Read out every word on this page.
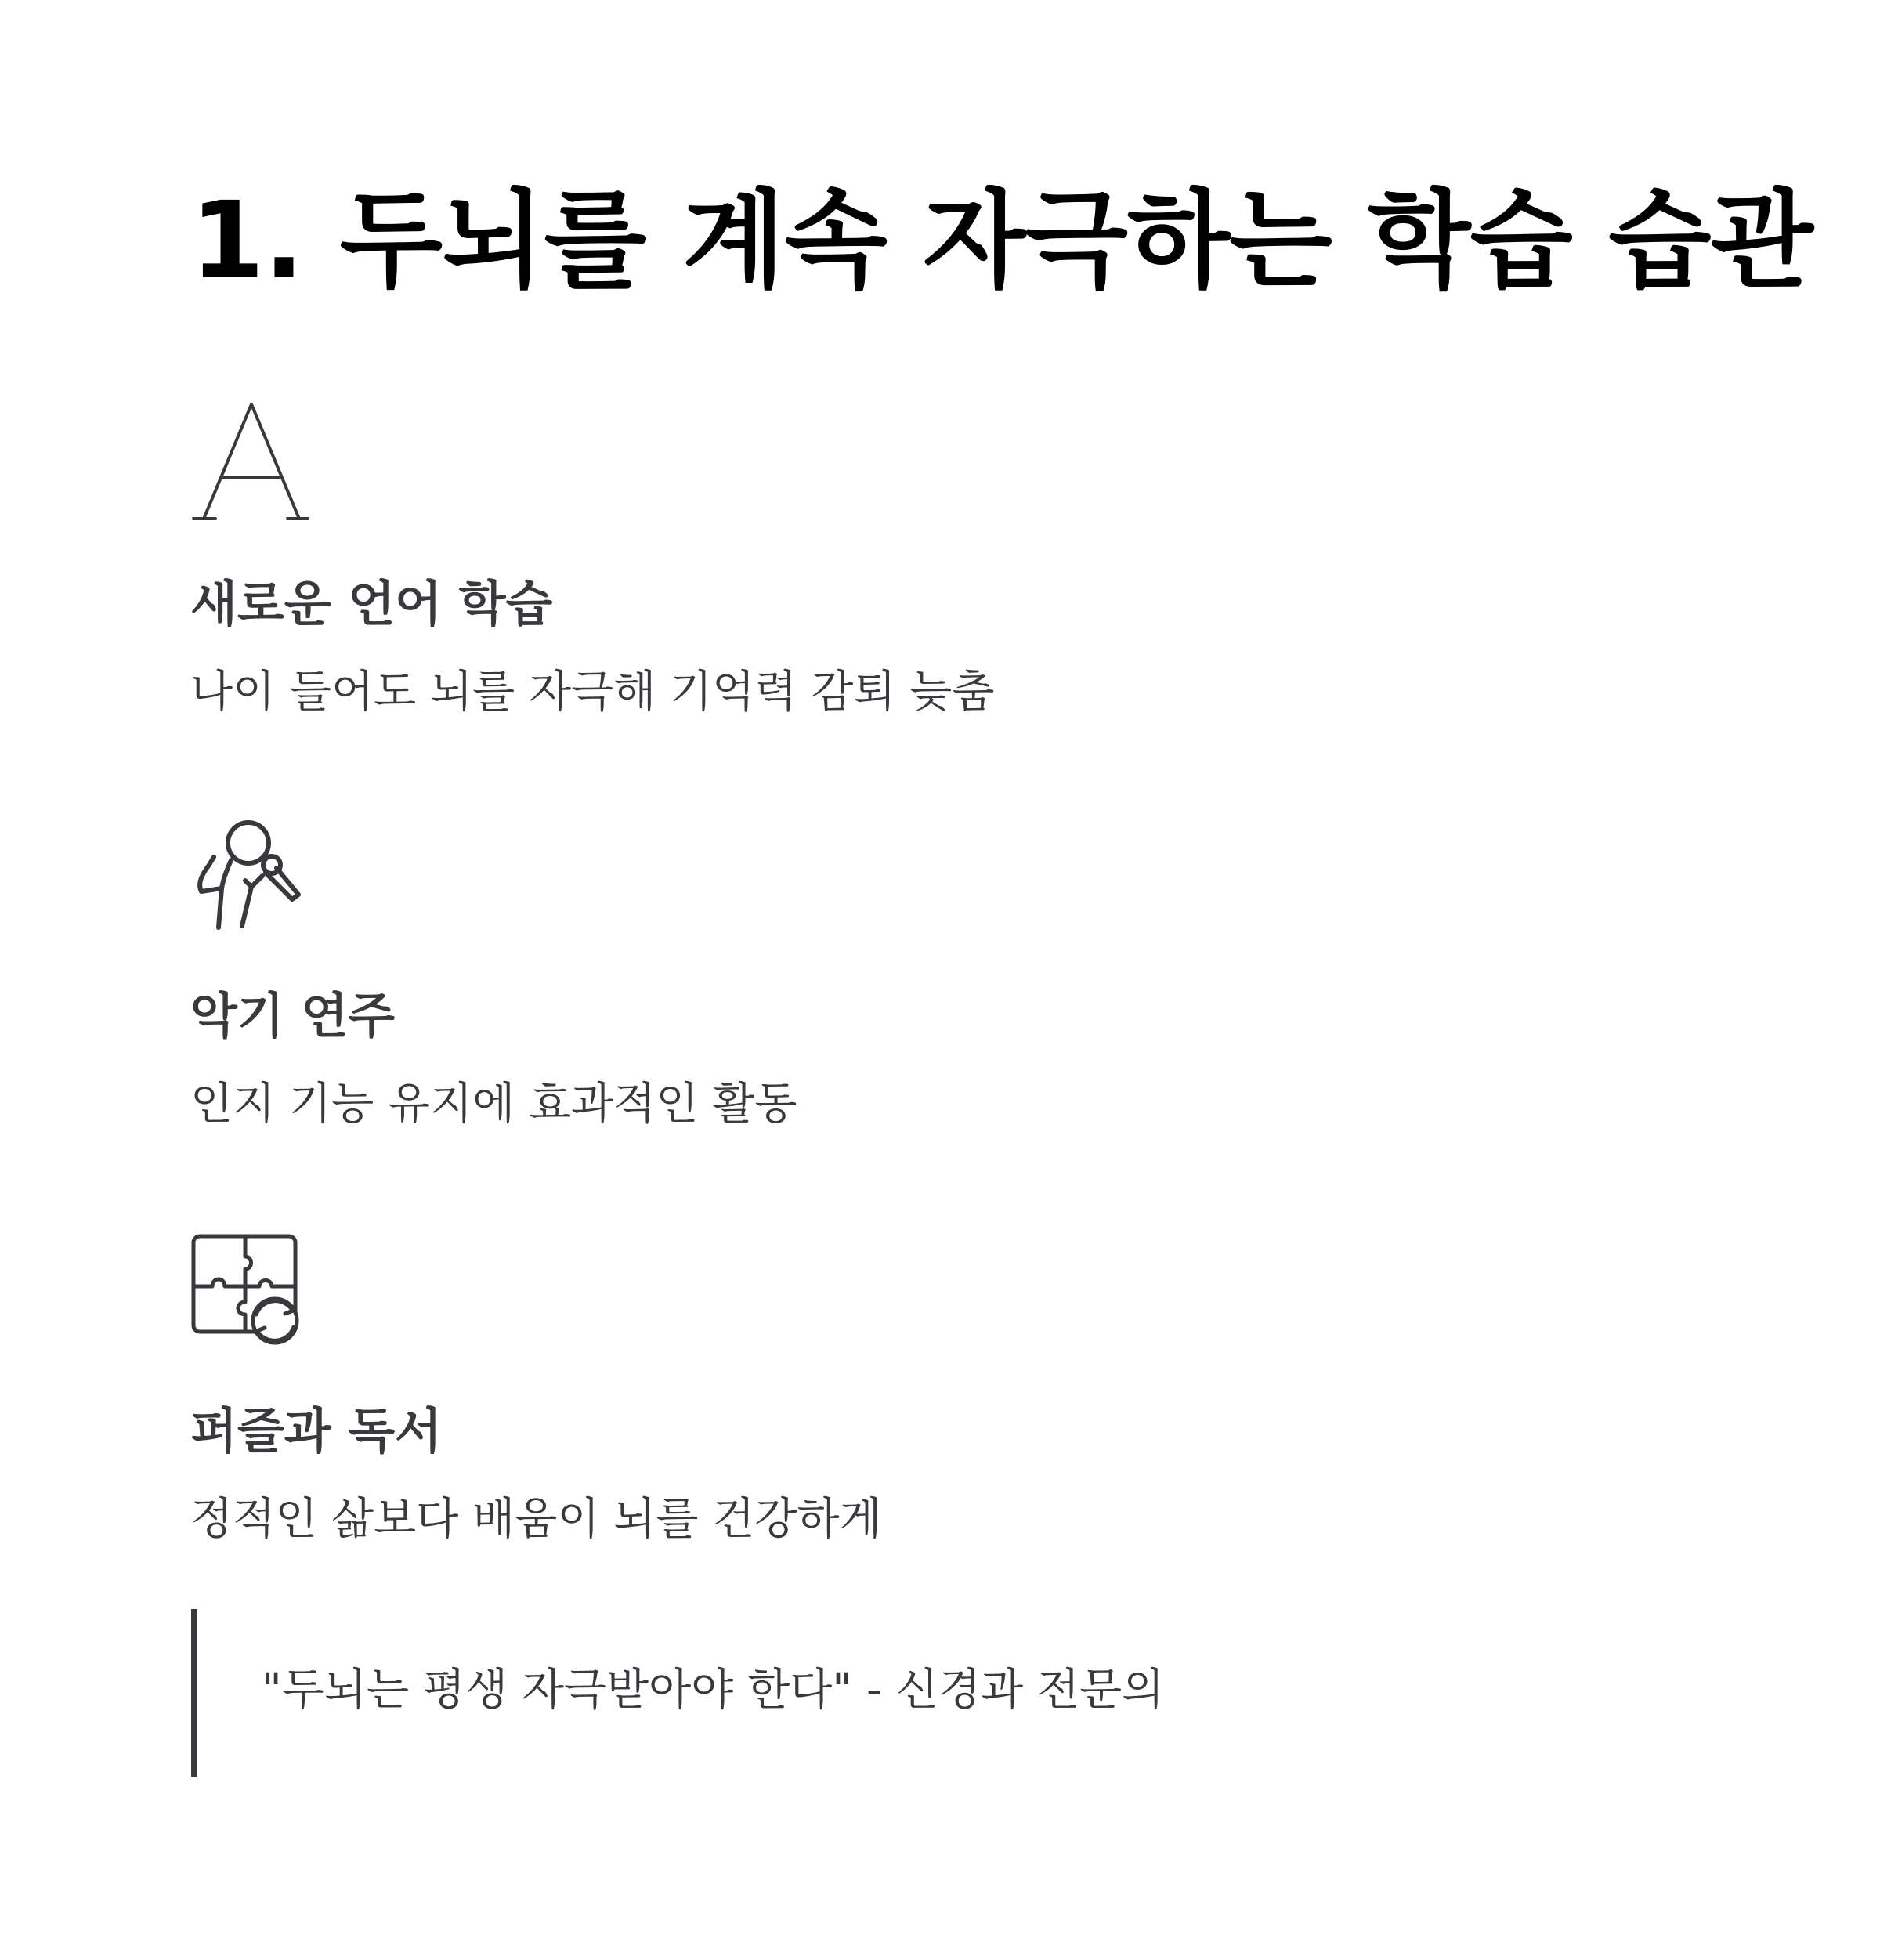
1. 두뇌를 계속 자극하는 학습 습관
새로운 언어 학습

나이 들어도 뇌를 자극해 기억력 감퇴 늦춤

악기 연주

인지 기능 유지에 효과적인 활동

퍼즐과 독서

정적인 삶보다 배움이 뇌를 건강하게

"두뇌는 평생 자극받아야 한다" - 신경과 전문의
